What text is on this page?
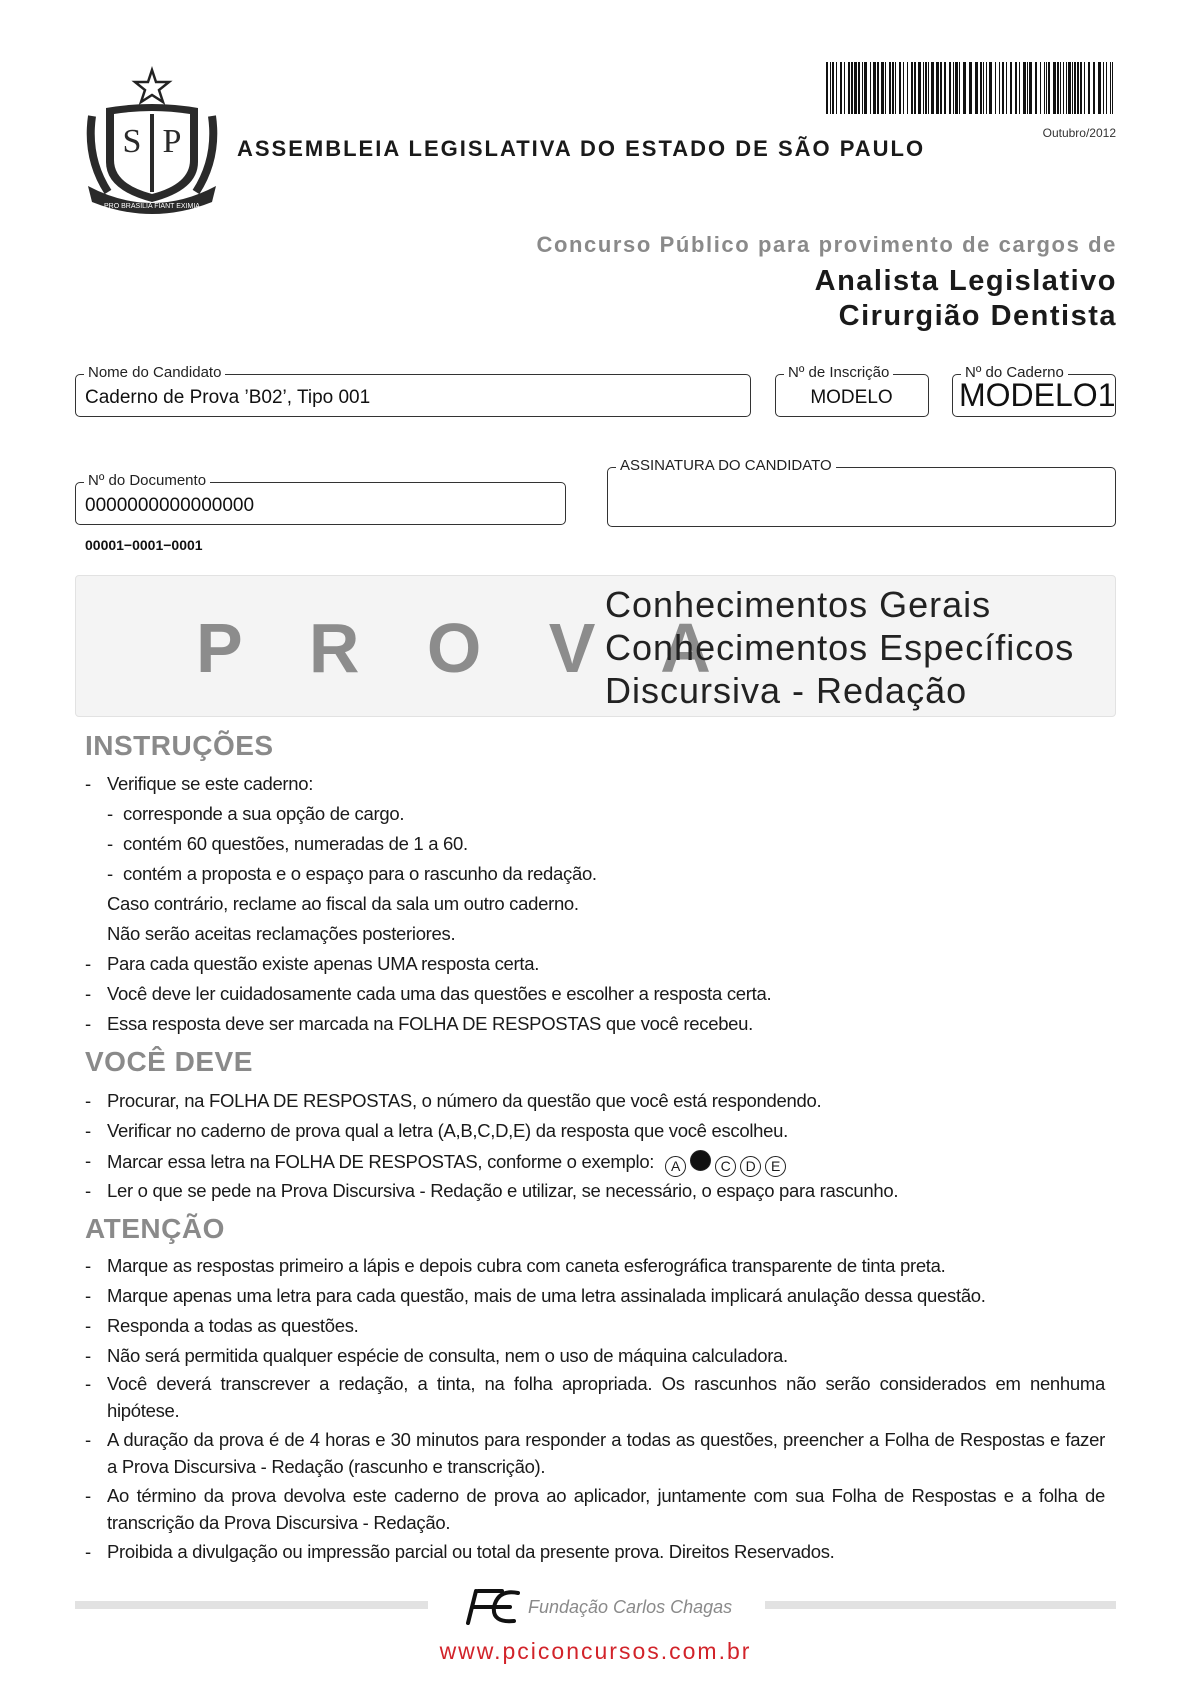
S P
PRO BRASILIA FIANT EXIMIA
Outubro/2012
ASSEMBLEIA LEGISLATIVA DO ESTADO DE SÃO PAULO
Concurso Público para provimento de cargos de
Analista Legislativo
Cirurgião Dentista
Nome do Candidato
Caderno de Prova ’B02’, Tipo 001
Nº de Inscrição
MODELO
Nº do Caderno
MODELO1
Nº do Documento
0000000000000000
ASSINATURA DO CANDIDATO
00001−0001−0001
P R O V A
Conhecimentos Gerais
Conhecimentos Específicos
Discursiva - Redação
INSTRUÇÕES
- Verifique se este caderno:
- corresponde a sua opção de cargo.
- contém 60 questões, numeradas de 1 a 60.
- contém a proposta e o espaço para o rascunho da redação.
Caso contrário, reclame ao fiscal da sala um outro caderno.
Não serão aceitas reclamações posteriores.
- Para cada questão existe apenas UMA resposta certa.
- Você deve ler cuidadosamente cada uma das questões e escolher a resposta certa.
- Essa resposta deve ser marcada na FOLHA DE RESPOSTAS que você recebeu.
VOCÊ DEVE
- Procurar, na FOLHA DE RESPOSTAS, o número da questão que você está respondendo.
- Verificar no caderno de prova qual a letra (A,B,C,D,E) da resposta que você escolheu.
- Marcar essa letra na FOLHA DE RESPOSTAS, conforme o exemplo: A	C D E
- Ler o que se pede na Prova Discursiva - Redação e utilizar, se necessário, o espaço para rascunho.
ATENÇÃO
- Marque as respostas primeiro a lápis e depois cubra com caneta esferográfica transparente de tinta preta.
- Marque apenas uma letra para cada questão, mais de uma letra assinalada implicará anulação dessa questão.
- Responda a todas as questões.
- Não será permitida qualquer espécie de consulta, nem o uso de máquina calculadora.
- Você deverá transcrever a redação, a tinta, na folha apropriada. Os rascunhos não serão considerados em nenhuma hipótese.
- A duração da prova é de 4 horas e 30 minutos para responder a todas as questões, preencher a Folha de Respostas e fazer a Prova Discursiva - Redação (rascunho e transcrição).
- Ao término da prova devolva este caderno de prova ao aplicador, juntamente com sua Folha de Respostas e a folha de transcrição da Prova Discursiva - Redação.
- Proibida a divulgação ou impressão parcial ou total da presente prova. Direitos Reservados.
Fundação Carlos Chagas
www.pciconcursos.com.br
